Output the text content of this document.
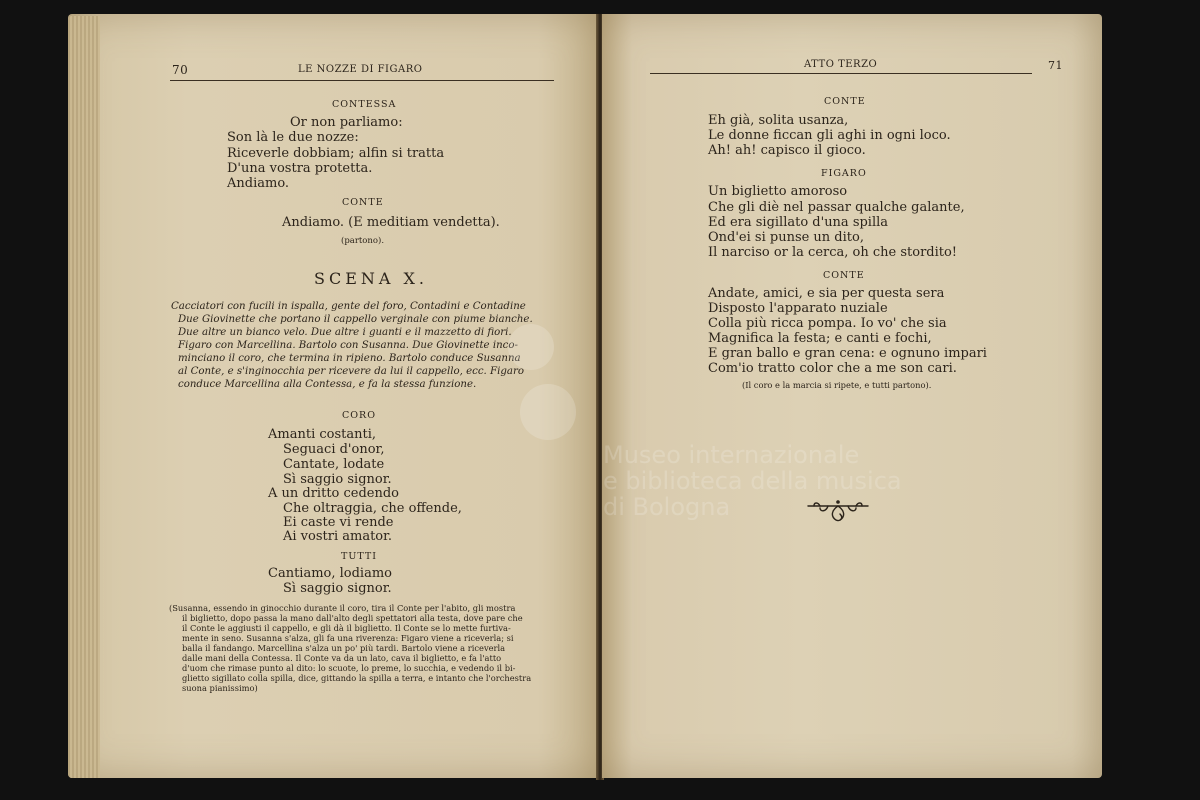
70	LE NOZZE DI FIGARO
CONTESSA
Or non parliamo:
Son là le due nozze:
Riceverle dobbiam; alfin si tratta
D'una vostra protetta.
Andiamo.
CONTE
Andiamo. (E meditiam vendetta).
(partono).
SCENA X.
Cacciatori con fucili in ispalla, gente del foro, Contadini e Contadine
Due Giovinette che portano il cappello verginale con piume bianche.
Due altre un bianco velo. Due altre i guanti e il mazzetto di fiori.
Figaro con Marcellina. Bartolo con Susanna. Due Giovinette inco-
minciano il coro, che termina in ripieno. Bartolo conduce Susanna
al Conte, e s'inginocchia per ricevere da lui il cappello, ecc. Figaro
conduce Marcellina alla Contessa, e fa la stessa funzione.
CORO
Amanti costanti,
Seguaci d'onor,
Cantate, lodate
Sì saggio signor.
A un dritto cedendo
Che oltraggia, che offende,
Ei caste vi rende
Ai vostri amator.
TUTTI
Cantiamo, lodiamo
Sì saggio signor.
(Susanna, essendo in ginocchio durante il coro, tira il Conte per l'abito, gli mostra
il biglietto, dopo passa la mano dall'alto degli spettatori alla testa, dove pare che
il Conte le aggiusti il cappello, e gli dà il biglietto. Il Conte se lo mette furtiva-
mente in seno. Susanna s'alza, gli fa una riverenza: Figaro viene a riceverla; si
balla il fandango. Marcellina s'alza un po' più tardi. Bartolo viene a riceverla
dalle mani della Contessa. Il Conte va da un lato, cava il biglietto, e fa l'atto
d'uom che rimase punto al dito: lo scuote, lo preme, lo succhia, e vedendo il bi-
glietto sigillato colla spilla, dice, gittando la spilla a terra, e intanto che l'orchestra
suona pianissimo)
ATTO TERZO	71
CONTE
Eh già, solita usanza,
Le donne ficcan gli aghi in ogni loco.
Ah! ah! capisco il gioco.
FIGARO
Un biglietto amoroso
Che gli diè nel passar qualche galante,
Ed era sigillato d'una spilla
Ond'ei si punse un dito,
Il narciso or la cerca, oh che stordito!
CONTE
Andate, amici, e sia per questa sera
Disposto l'apparato nuziale
Colla più ricca pompa. Io vo' che sia
Magnifica la festa; e canti e fochi,
E gran ballo e gran cena: e ognuno impari
Com'io tratto color che a me son cari.
(Il coro e la marcia si ripete, e tutti partono).
